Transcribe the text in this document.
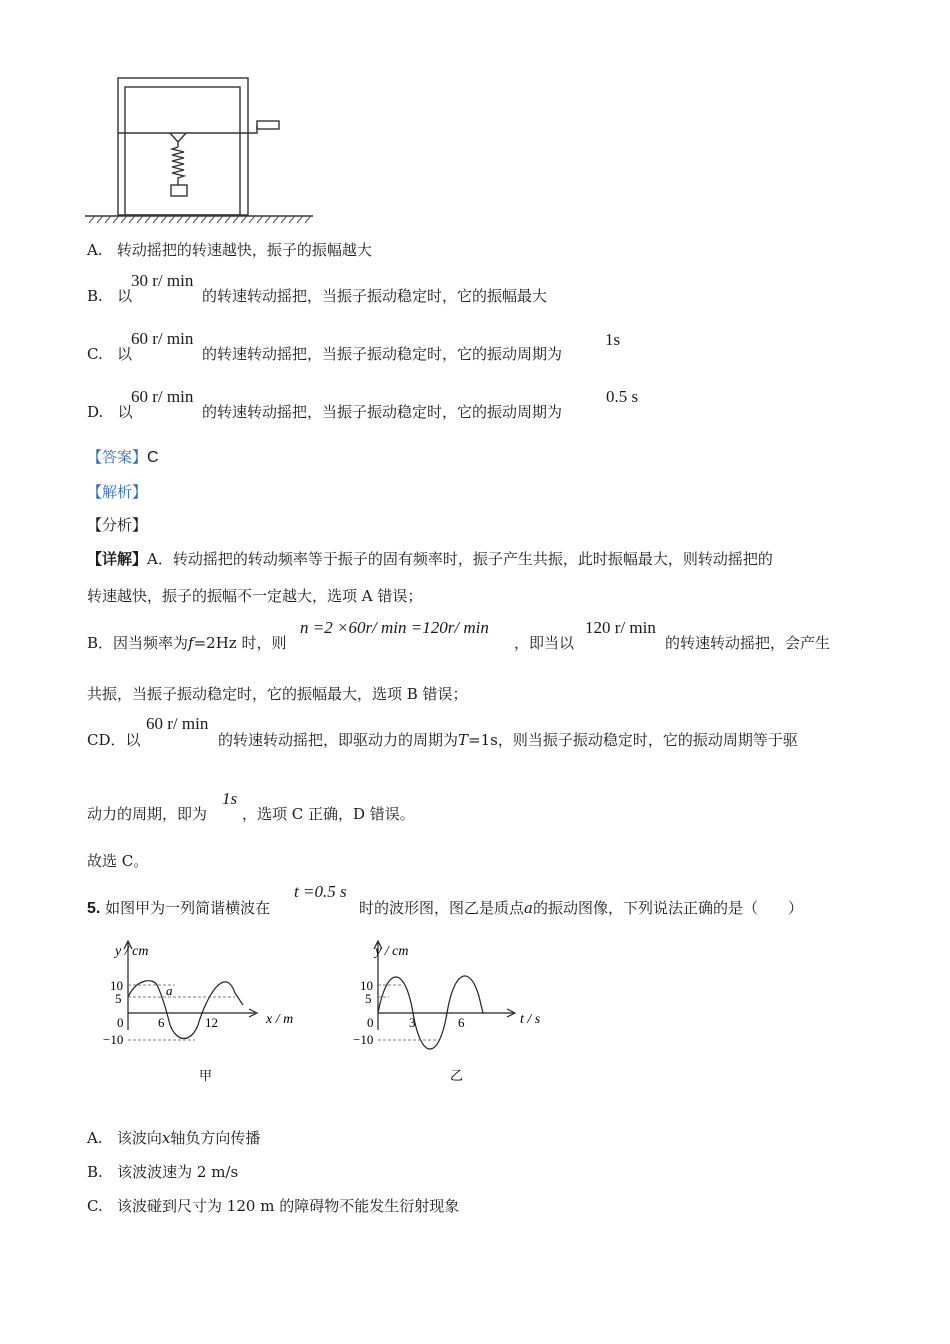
A. 转动摇把的转速越快，振子的振幅越大
B. 以
30 r/ min
的转速转动摇把，当振子振动稳定时，它的振幅最大
C. 以
60 r/ min
的转速转动摇把，当振子振动稳定时，它的振动周期为
1s
D. 以
60 r/ min
的转速转动摇把，当振子振动稳定时，它的振动周期为
0.5 s
【答案】C
【解析】
【分析】
【详解】A．转动摇把的转动频率等于振子的固有频率时，振子产生共振，此时振幅最大，则转动摇把的
转速越快，振子的振幅不一定越大，选项 A 错误；
B．因当频率为f=2Hz 时，则
n =2 ×60r/ min =120r/ min
，即当以
120 r/ min
的转速转动摇把，会产生
共振，当振子振动稳定时，它的振幅最大，选项 B 错误；
CD．以
60 r/ min
的转速转动摇把，即驱动力的周期为T=1s，则当振子振动稳定时，它的振动周期等于驱
动力的周期，即为
1s
，选项 C 正确，D 错误。
故选 C。
5. 如图甲为一列简谐横波在
t =0.5 s
时的波形图，图乙是质点a的振动图像，下列说法正确的是（　　）
y / cm
x / m
10
5
0
−10
6	12
a
甲
y / cm
t / s
10
5
0
−10
3	6
乙
A. 该波向x轴负方向传播
B. 该波波速为 2 m/s
C. 该波碰到尺寸为 120 m 的障碍物不能发生衍射现象
